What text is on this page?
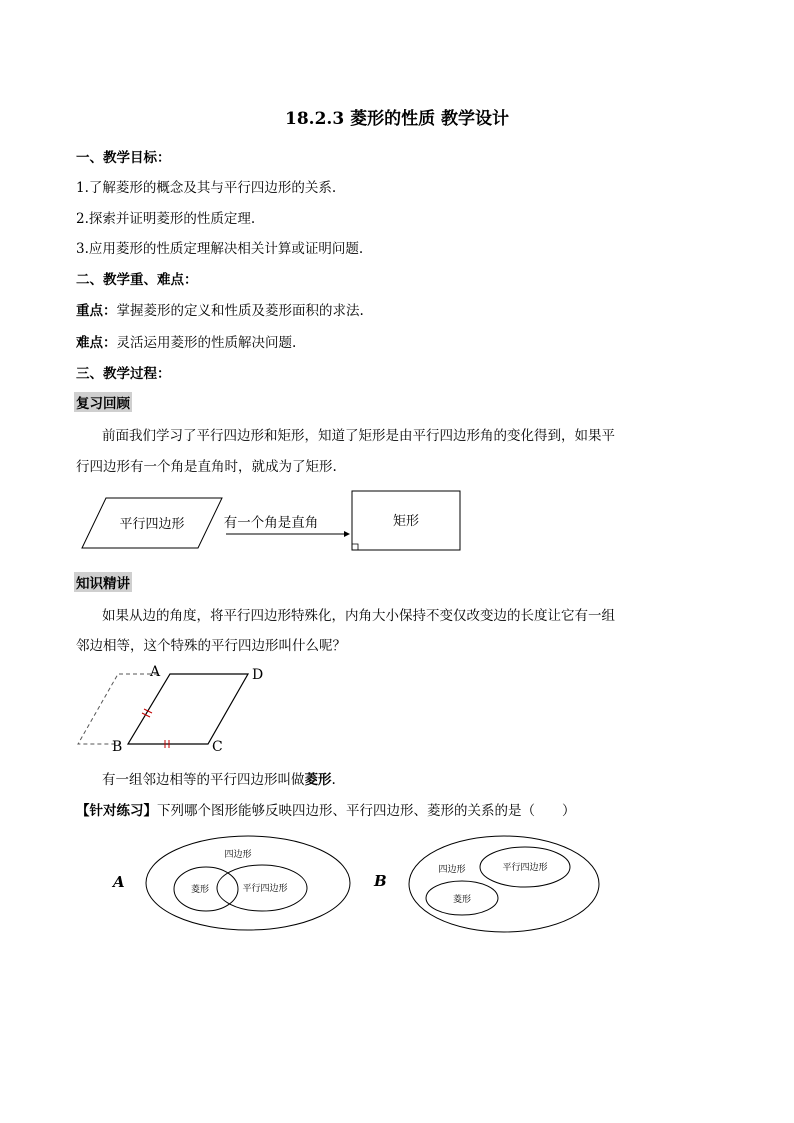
18.2.3 菱形的性质 教学设计
一、教学目标：
1.了解菱形的概念及其与平行四边形的关系.
2.探索并证明菱形的性质定理.
3.应用菱形的性质定理解决相关计算或证明问题.
二、教学重、难点：
重点：掌握菱形的定义和性质及菱形面积的求法.
难点：灵活运用菱形的性质解决问题.
三、教学过程：
复习回顾
前面我们学习了平行四边形和矩形，知道了矩形是由平行四边形角的变化得到，如果平
行四边形有一个角是直角时，就成为了矩形.
平行四边形	有一个角是直角	矩形
知识精讲
如果从边的角度，将平行四边形特殊化，内角大小保持不变仅改变边的长度让它有一组
邻边相等，这个特殊的平行四边形叫什么呢？
A	D
B	C
有一组邻边相等的平行四边形叫做菱形.
【针对练习】下列哪个图形能够反映四边形、平行四边形、菱形的关系的是（　　）
A
四边形
菱形	平行四边形	B
四边形	平行四边形
菱形
